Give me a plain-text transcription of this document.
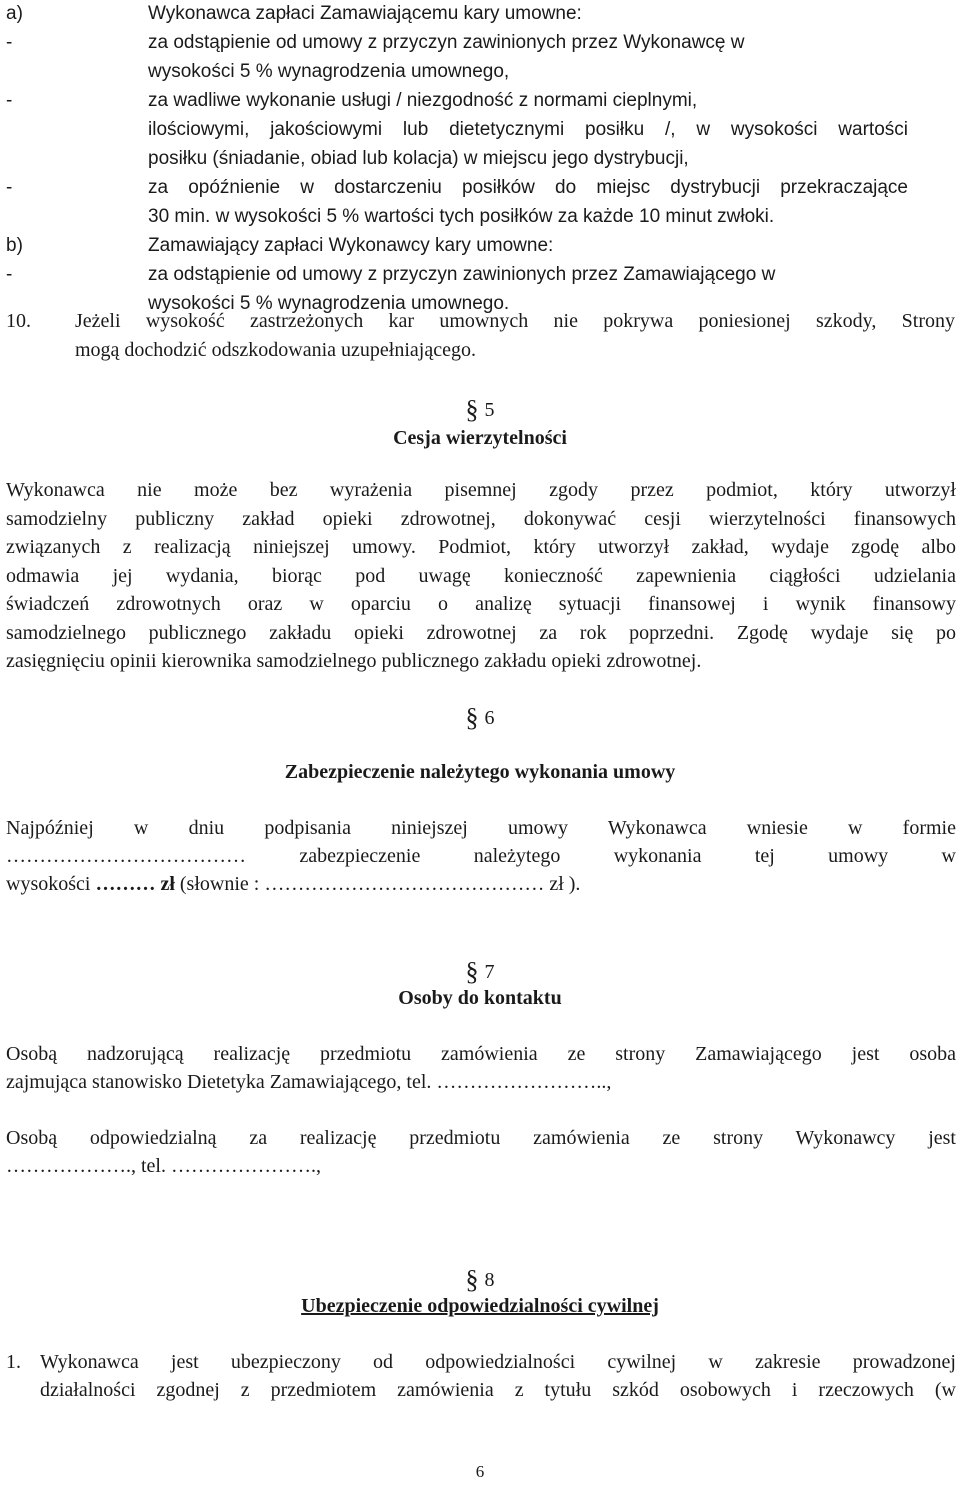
a)	Wykonawca zapłaci Zamawiającemu kary umowne:
-	za odstąpienie od umowy z przyczyn zawinionych przez Wykonawcę w
wysokości 5 % wynagrodzenia umownego,
-	za wadliwe wykonanie usługi / niezgodność z normami cieplnymi,
ilościowymi, jakościowymi lub dietetycznymi posiłku /, w wysokości wartości
posiłku (śniadanie, obiad lub kolacja) w miejscu jego dystrybucji,
-	za opóźnienie w dostarczeniu posiłków do miejsc dystrybucji przekraczające
30 min. w wysokości 5 % wartości tych posiłków za każde 10 minut zwłoki.
b)	Zamawiający zapłaci Wykonawcy kary umowne:
-	za odstąpienie od umowy z przyczyn zawinionych przez Zamawiającego w
wysokości 5 % wynagrodzenia umownego.
10. Jeżeli wysokość zastrzeżonych kar umownych nie pokrywa poniesionej szkody, Strony
mogą dochodzić odszkodowania uzupełniającego.
§ 5
Cesja wierzytelności
Wykonawca nie może bez wyrażenia pisemnej zgody przez podmiot, który utworzył
samodzielny publiczny zakład opieki zdrowotnej, dokonywać cesji wierzytelności finansowych
związanych z realizacją niniejszej umowy. Podmiot, który utworzył zakład, wydaje zgodę albo
odmawia jej wydania, biorąc pod uwagę konieczność zapewnienia ciągłości udzielania
świadczeń zdrowotnych oraz w oparciu o analizę sytuacji finansowej i wynik finansowy
samodzielnego publicznego zakładu opieki zdrowotnej za rok poprzedni. Zgodę wydaje się po
zasięgnięciu opinii kierownika samodzielnego publicznego zakładu opieki zdrowotnej.
§ 6
Zabezpieczenie należytego wykonania umowy
Najpóźniej w dniu podpisania niniejszej umowy Wykonawca wniesie w formie
……………………………… zabezpieczenie należytego wykonania tej umowy w
wysokości ……… zł (słownie : …………………………………… zł ).
§ 7
Osoby do kontaktu
Osobą nadzorującą realizację przedmiotu zamówienia ze strony Zamawiającego jest osoba
zajmująca stanowisko Dietetyka Zamawiającego, tel. ……………………..,
Osobą odpowiedzialną za realizację przedmiotu zamówienia ze strony Wykonawcy jest
………………., tel. ………………….,
§ 8
Ubezpieczenie odpowiedzialności cywilnej
1. Wykonawca jest ubezpieczony od odpowiedzialności cywilnej w zakresie prowadzonej
działalności zgodnej z przedmiotem zamówienia z tytułu szkód osobowych i rzeczowych (w
6
